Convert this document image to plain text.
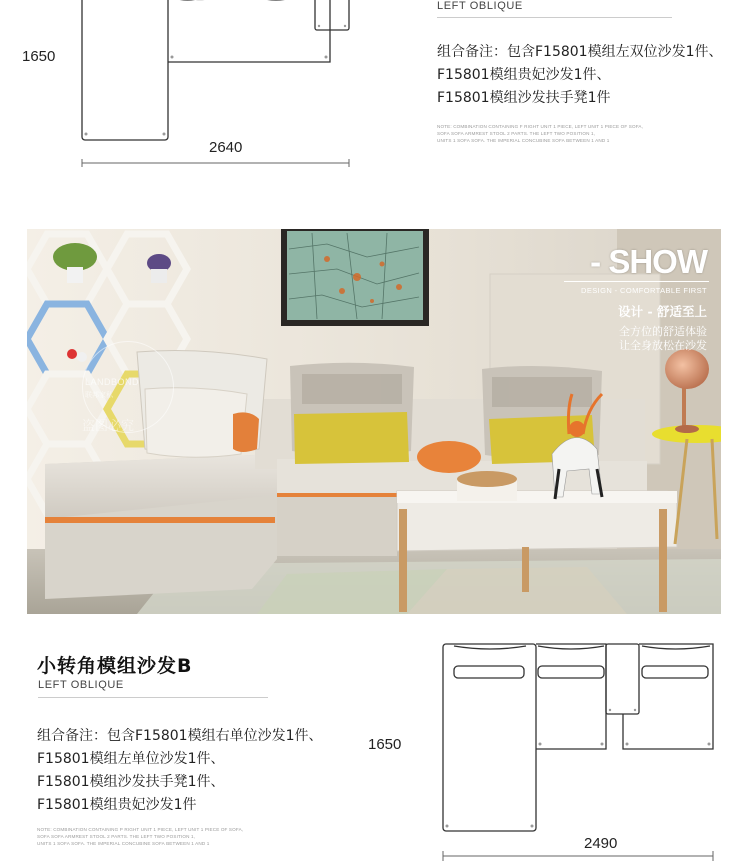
1650
2640
LEFT OBLIQUE
组合备注：包含F15801模组左双位沙发1件、
F15801模组贵妃沙发1件、
F15801模组沙发扶手凳1件
NOTE: COMBINATION CONTAINING F RIGHT UNIT 1 PIECE, LEFT UNIT 1 PIECE OF SOFA,
SOFA SOFA ARMREST STOOL 2 PARTS. THE LEFT TWO POSITION 1,
UNITS 1 SOFA SOFA. THE IMPERIAL CONCUBINE SOFA BETWEEN 1 AND 1
- SHOW
DESIGN - COMFORTABLE FIRST
设计 - 舒适至上
全方位的舒适体验
让全身放松在沙发
LANDBOND
联邦家私
盗图必究
小转角模组沙发B
LEFT OBLIQUE
组合备注：包含F15801模组右单位沙发1件、
F15801模组左单位沙发1件、
F15801模组沙发扶手凳1件、
F15801模组贵妃沙发1件
NOTE: COMBINATION CONTAINING P RIGHT UNIT 1 PIECE, LEFT UNIT 1 PIECE OF SOFA,
SOFA SOFA ARMREST STOOL 2 PARTS. THE LEFT TWO POSITION 1,
UNITS 1 SOFA SOFA. THE IMPERIAL CONCUBINE SOFA BETWEEN 1 AND 1
1650
2490
